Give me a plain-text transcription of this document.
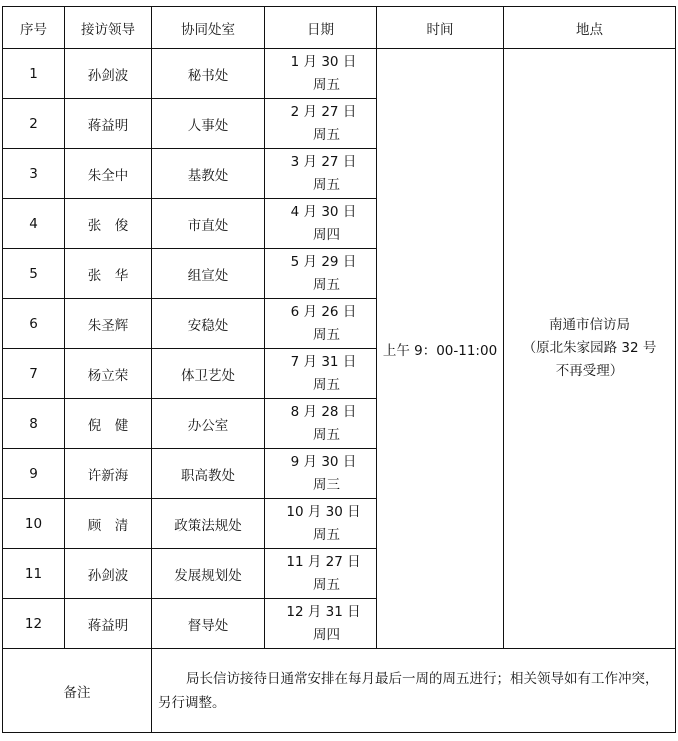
序号	接访领导	协同处室	日期	时间	地点
1	孙剑波	秘书处	1 月 30 日
周五	上午 9：00-11:00	南通市信访局
（原北朱家园路 32 号
不再受理）

2	蒋益明	人事处	2 月 27 日
周五		

3	朱全中	基教处	3 月 27 日
周五		

4	张　俊	市直处	4 月 30 日
周四		

5	张　华	组宣处	5 月 29 日
周五		

6	朱圣辉	安稳处	6 月 26 日
周五		

7	杨立荣	体卫艺处	7 月 31 日
周五		

8	倪　健	办公室	8 月 28 日
周五		

9	许新海	职高教处	9 月 30 日
周三		

10	顾　清	政策法规处	10 月 30 日
周五		

11	孙剑波	发展规划处	11 月 27 日
周五		

12	蒋益明	督导处	12 月 31 日
周四		

备注		局长信访接待日通常安排在每月最后一周的周五进行；相关领导如有工作冲突，另行调整。			
